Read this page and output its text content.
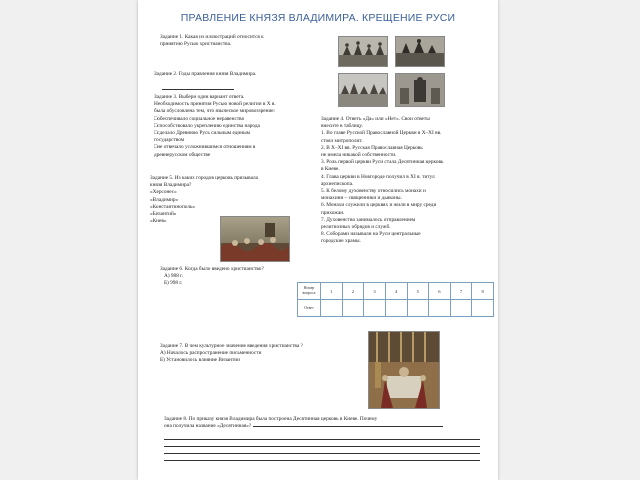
ПРАВЛЕНИЕ КНЯЗЯ ВЛАДИМИРА. КРЕЩЕНИЕ РУСИ
Задание 1. Какая из иллюстраций относится к
принятию Русью христианства.
Задание 2. Годы правления князя Владимира.
Задание 3. Выбери один вариант ответа.
Необходимость принятия Русью новой религии в Х в.
была обусловлена тем, что языческое мировоззрение:
□обеспечивало социальное неравенство
□способствовало укреплению единства народа
□сделало Древнюю Русь сильным единым
государством
□не отвечало усложнившимся отношениям в
древнерусском обществе
Задание 4. Ответь «Да» или «Нет». Свои ответы
внесите в таблицу.
1. Во главе Русской Православной Церкви в Х–ХI вв.
стоял митрополит.
2. В Х–ХI вв. Русская Православная Церковь
не имела никакой собственности.
3. Роль первой церкви Руси стала Десятинная церковь
в Киеве.
4. Глава церкви в Новгороде получил в XI в. титул
архиепископа.
5. К белому духовенству относились монахи и
монахини – священники и дьяконы.
6. Монахи служили в церквях и жили в миру среди
прихожан.
7. Духовенство занималось отправлением
религиозных обрядов и служб.
8. Соборами называли на Руси центральные
городские храмы.
Задание 5. Из каких городов церковь призывала
князя Владимира?
«Херсонес»
«Владимир»
«Константинополь»
«Бизантий»
«Киев»
Задание 6. Когда было введено христианство?
А) 988 г.
Б) 998 г.
Номер вопроса	1	2	3	4	5	6	7	8
Ответ								
Задание 7. В чем культурное значение введения христианства ?
А) Началось распространение письменности
Б) Установилось влияние Византии
Задание 8. По приказу князя Владимира была построена Десятинная церковь в Киеве. Почему
она получила название «Десятинная»?
